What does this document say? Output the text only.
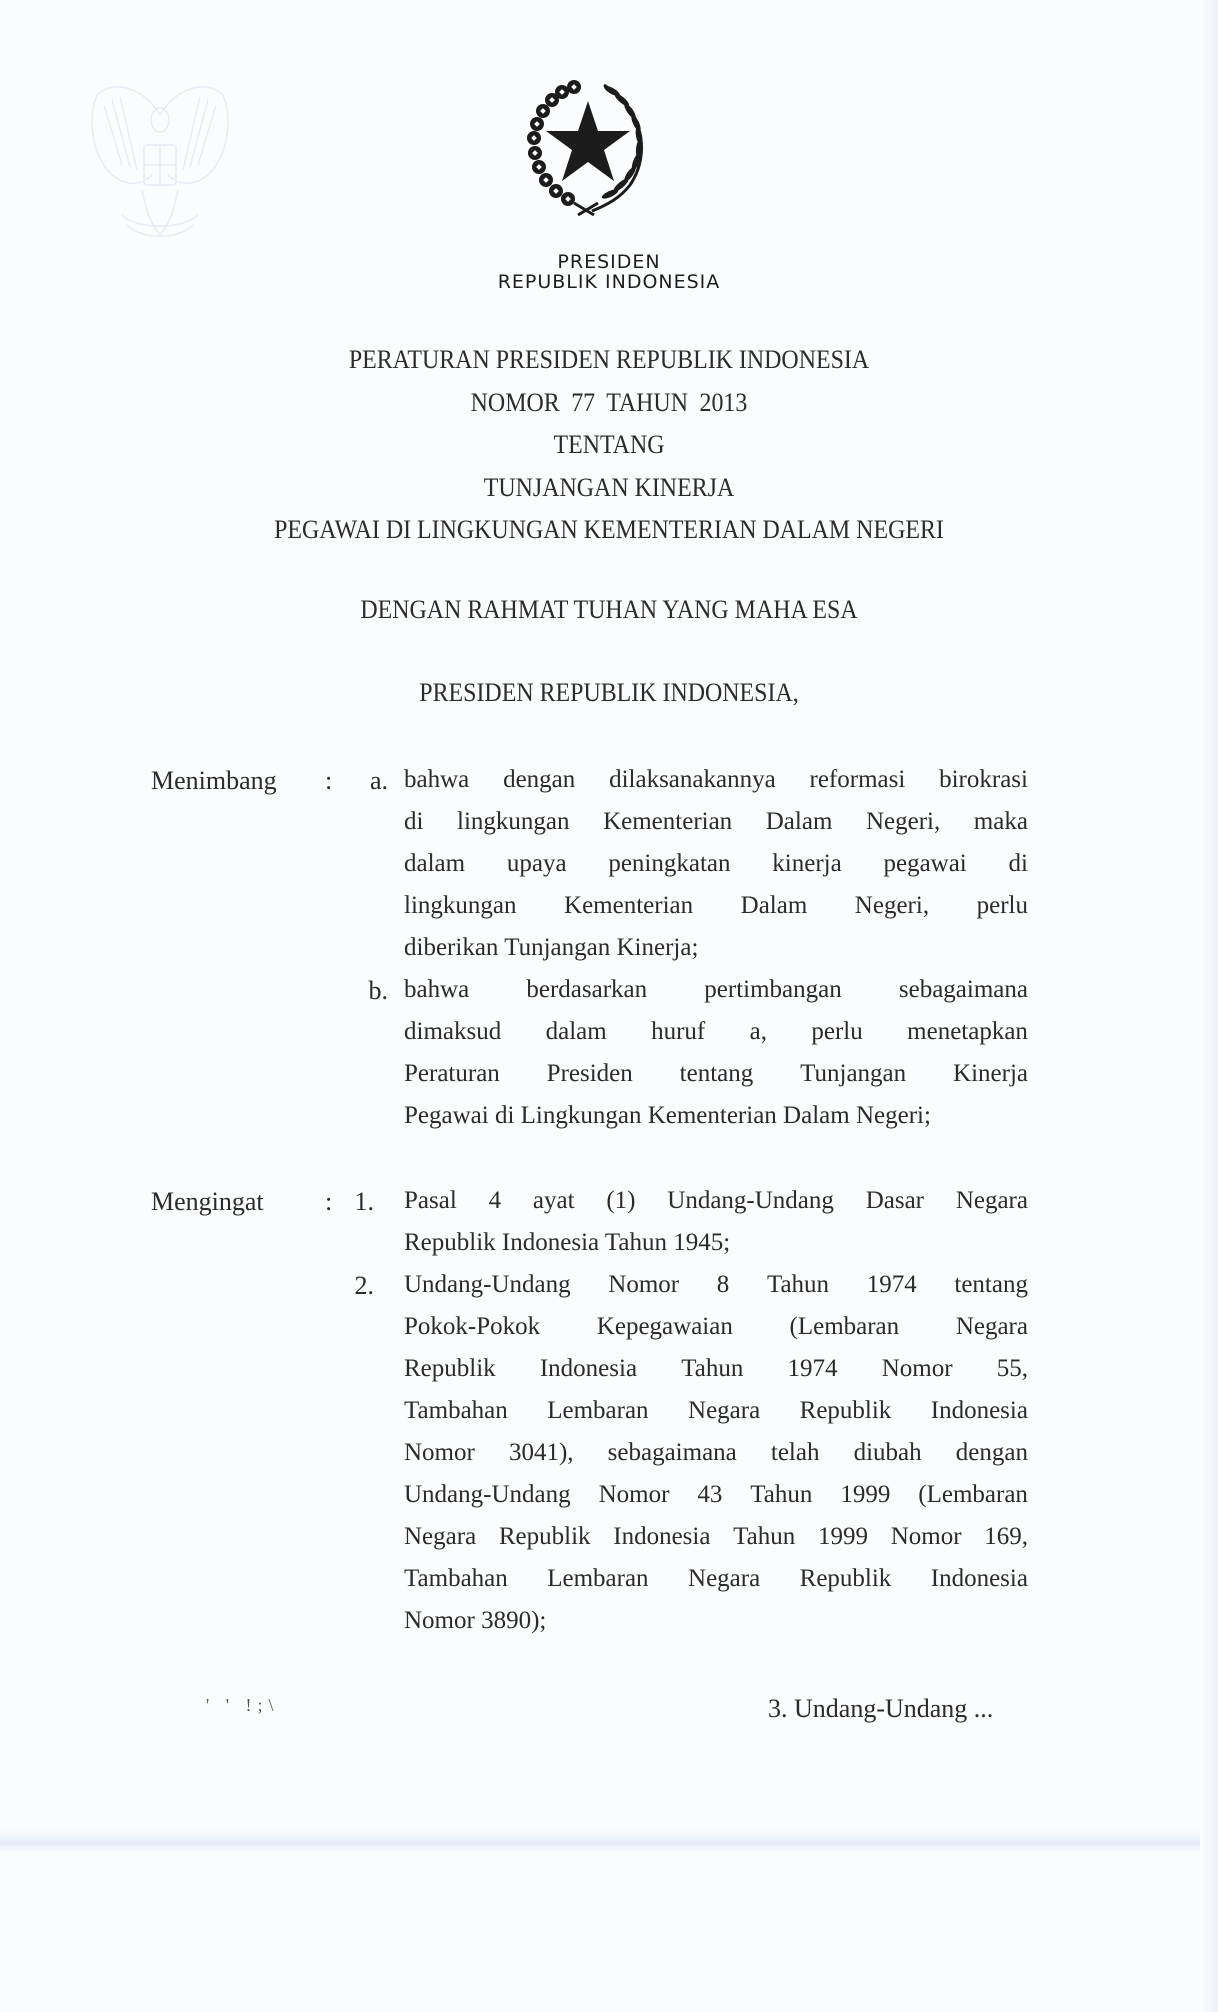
PRESIDEN
REPUBLIK INDONESIA
PERATURAN PRESIDEN REPUBLIK INDONESIA
NOMOR 77 TAHUN 2013
TENTANG
TUNJANGAN KINERJA
PEGAWAI DI LINGKUNGAN KEMENTERIAN DALAM NEGERI
DENGAN RAHMAT TUHAN YANG MAHA ESA
PRESIDEN REPUBLIK INDONESIA,
Menimbang :	a. bahwa dengan dilaksanakannya reformasi birokrasi
di lingkungan Kementerian Dalam Negeri, maka
dalam upaya peningkatan kinerja pegawai di
lingkungan Kementerian Dalam Negeri, perlu
diberikan Tunjangan Kinerja;
b. bahwa berdasarkan pertimbangan sebagaimana
dimaksud dalam huruf a, perlu menetapkan
Peraturan Presiden tentang Tunjangan Kinerja
Pegawai di Lingkungan Kementerian Dalam Negeri;
Mengingat : 1. Pasal 4 ayat (1) Undang-Undang Dasar Negara
Republik Indonesia Tahun 1945;
2. Undang-Undang Nomor 8 Tahun 1974 tentang
Pokok-Pokok Kepegawaian (Lembaran Negara
Republik Indonesia Tahun 1974 Nomor 55,
Tambahan Lembaran Negara Republik Indonesia
Nomor 3041), sebagaimana telah diubah dengan
Undang-Undang Nomor 43 Tahun 1999 (Lembaran
Negara Republik Indonesia Tahun 1999 Nomor 169,
Tambahan Lembaran Negara Republik Indonesia
Nomor 3890);
' ' !;\	3. Undang-Undang ...
